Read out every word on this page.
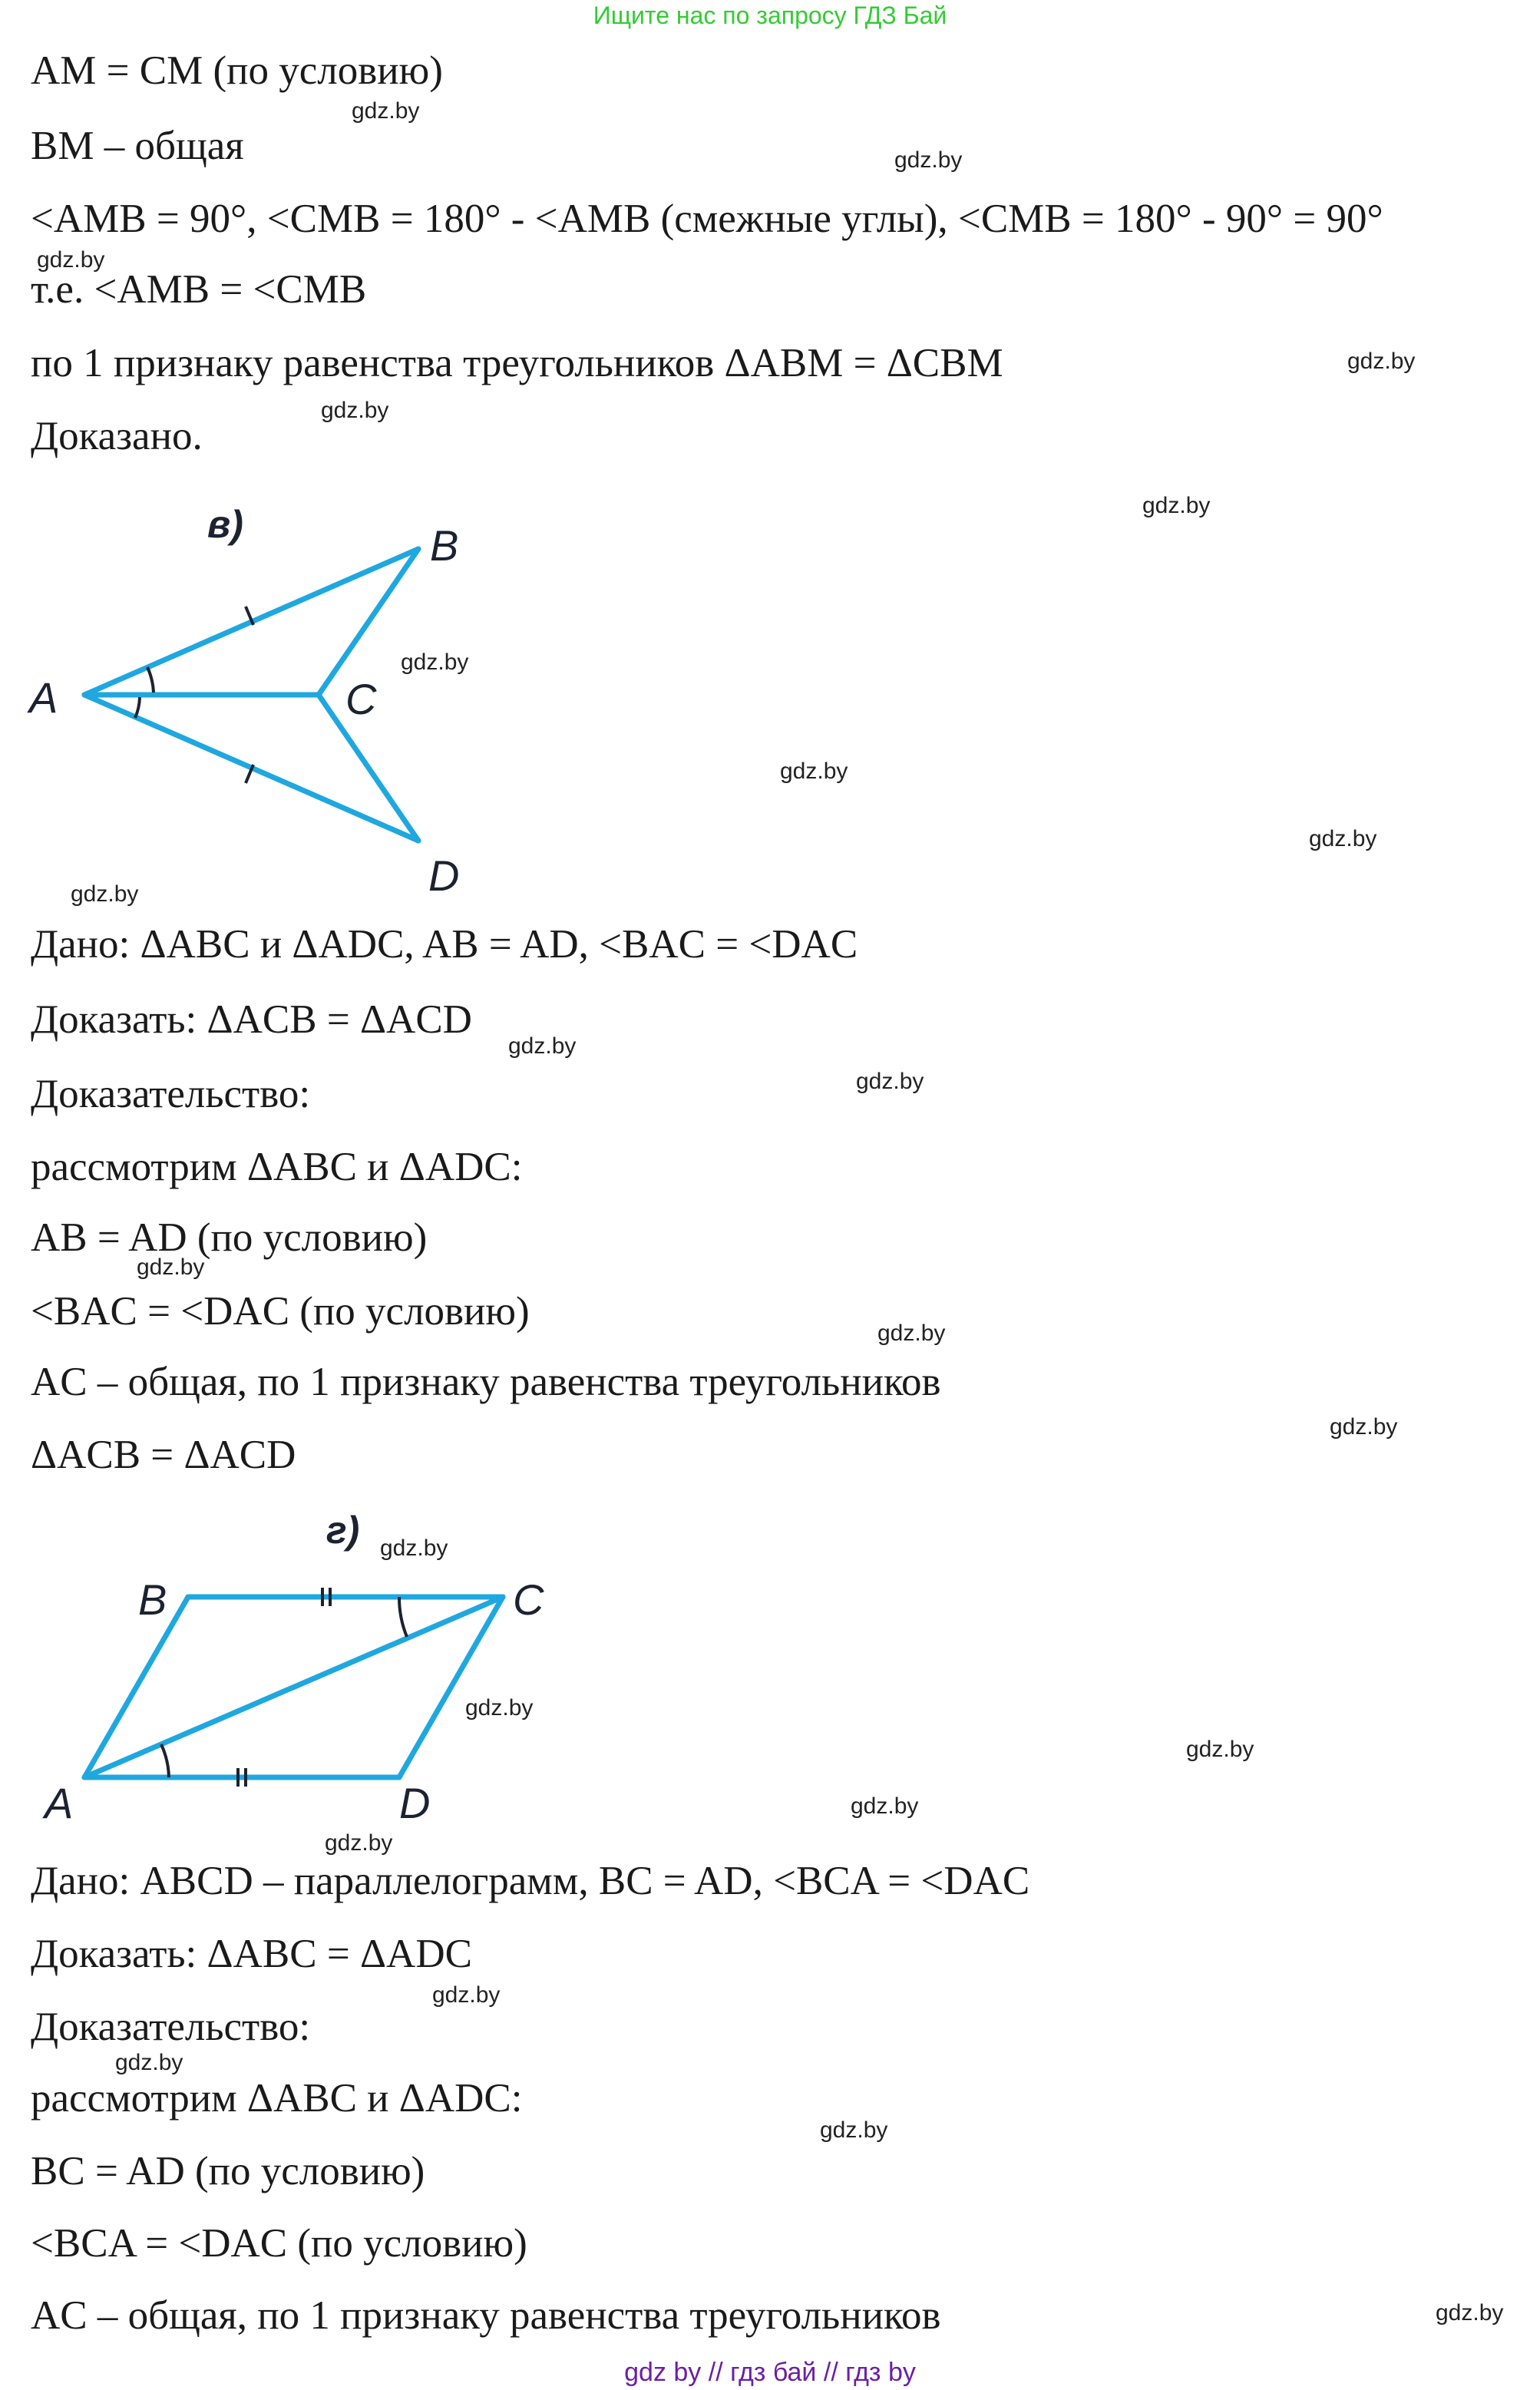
Ищите нас по запросу ГДЗ Бай
AM = CM (по условию)
BM – общая
<AMB = 90°, <CMB = 180° - <AMB (смежные углы), <CMB = 180° - 90° = 90°
т.е. <AMB = <CMB
по 1 признаку равенства треугольников ΔABM = ΔCBM
Доказано.
в)
A
B
C
D
Дано: ΔABC и ΔADC, AB = AD, <BAC = <DAC
Доказать: ΔACB = ΔACD
Доказательство:
рассмотрим ΔABC и ΔADC:
AB = AD (по условию)
<BAC = <DAC (по условию)
AC – общая, по 1 признаку равенства треугольников
ΔACB = ΔACD
г)
B	C
A	D
Дано: ABCD – параллелограмм, BC = AD, <BCA = <DAC
Доказать: ΔABC = ΔADC
Доказательство:
рассмотрим ΔABC и ΔADC:
BC = AD (по условию)
<BCA = <DAC (по условию)
AC – общая, по 1 признаку равенства треугольников
gdz.by
gdz.by
gdz.by
gdz.by
gdz.by
gdz.by
gdz.by
gdz.by
gdz.by
gdz.by
gdz.by
gdz.by
gdz.by
gdz.by
gdz.by
gdz.by
gdz.by
gdz.by
gdz.by
gdz.by
gdz.by
gdz.by
gdz.by
gdz.by
gdz by // гдз бай // гдз by
